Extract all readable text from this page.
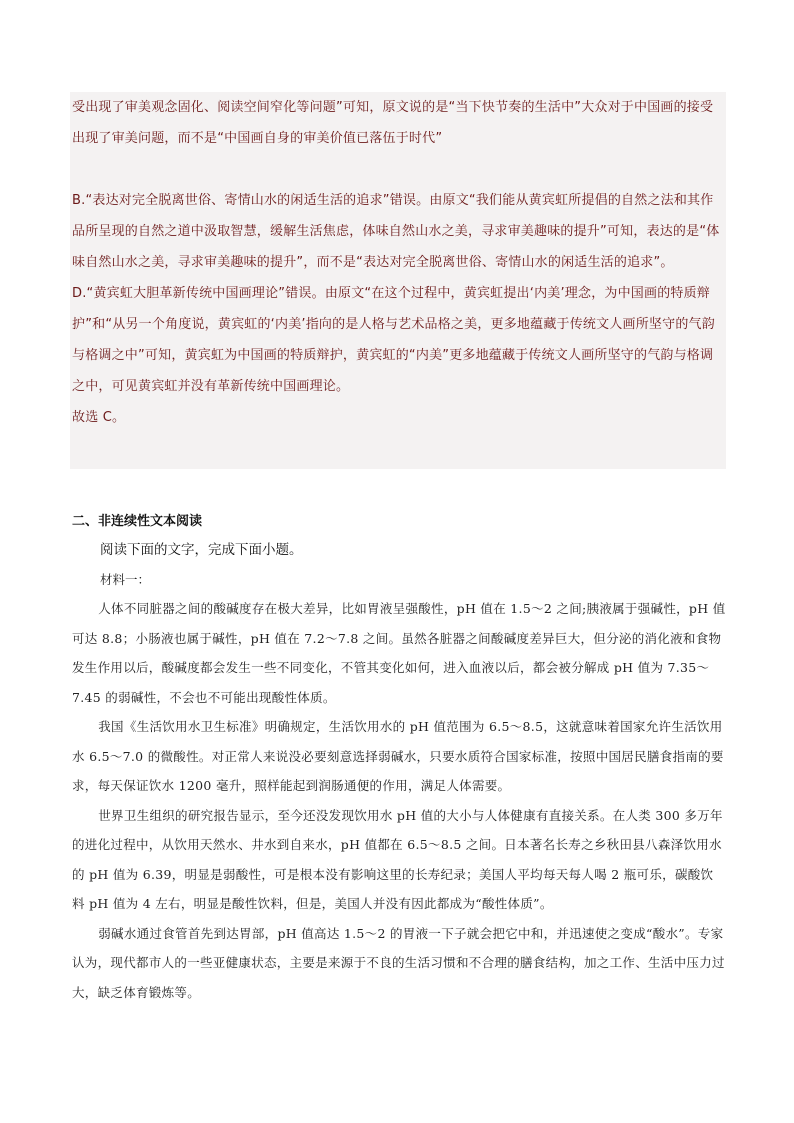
受出现了审美观念固化、阅读空间窄化等问题”可知，原文说的是“当下快节奏的生活中”大众对于中国画的接受出现了审美问题，而不是“中国画自身的审美价值已落伍于时代”

B.“表达对完全脱离世俗、寄情山水的闲适生活的追求”错误。由原文“我们能从黄宾虹所提倡的自然之法和其作品所呈现的自然之道中汲取智慧，缓解生活焦虑，体味自然山水之美，寻求审美趣味的提升”可知，表达的是“体味自然山水之美，寻求审美趣味的提升”，而不是“表达对完全脱离世俗、寄情山水的闲适生活的追求”。

D.“黄宾虹大胆革新传统中国画理论”错误。由原文“在这个过程中，黄宾虹提出‘内美’理念，为中国画的特质辩护”和“从另一个角度说，黄宾虹的‘内美’指向的是人格与艺术品格之美，更多地蕴藏于传统文人画所坚守的气韵与格调之中”可知，黄宾虹为中国画的特质辩护，黄宾虹的“内美”更多地蕴藏于传统文人画所坚守的气韵与格调之中，可见黄宾虹并没有革新传统中国画理论。

故选 C。

二、非连续性文本阅读
阅读下面的文字，完成下面小题。
材料一：

人体不同脏器之间的酸碱度存在极大差异，比如胃液呈强酸性，pH 值在 1.5～2 之间;胰液属于强碱性，pH 值可达 8.8；小肠液也属于碱性，pH 值在 7.2～7.8 之间。虽然各脏器之间酸碱度差异巨大，但分泌的消化液和食物发生作用以后，酸碱度都会发生一些不同变化，不管其变化如何，进入血液以后，都会被分解成 pH 值为 7.35～7.45 的弱碱性，不会也不可能出现酸性体质。

我国《生活饮用水卫生标准》明确规定，生活饮用水的 pH 值范围为 6.5～8.5，这就意味着国家允许生活饮用水 6.5～7.0 的微酸性。对正常人来说没必要刻意选择弱碱水，只要水质符合国家标准，按照中国居民膳食指南的要求，每天保证饮水 1200 毫升，照样能起到润肠通便的作用，满足人体需要。

世界卫生组织的研究报告显示，至今还没发现饮用水 pH 值的大小与人体健康有直接关系。在人类 300 多万年的进化过程中，从饮用天然水、井水到自来水，pH 值都在 6.5～8.5 之间。日本著名长寿之乡秋田县八森泽饮用水的 pH 值为 6.39，明显是弱酸性，可是根本没有影响这里的长寿纪录；美国人平均每天每人喝 2 瓶可乐，碳酸饮料 pH 值为 4 左右，明显是酸性饮料，但是，美国人并没有因此都成为“酸性体质”。

弱碱水通过食管首先到达胃部，pH 值高达 1.5～2 的胃液一下子就会把它中和，并迅速使之变成“酸水”。专家认为，现代都市人的一些亚健康状态，主要是来源于不良的生活习惯和不合理的膳食结构，加之工作、生活中压力过大，缺乏体育锻炼等。
